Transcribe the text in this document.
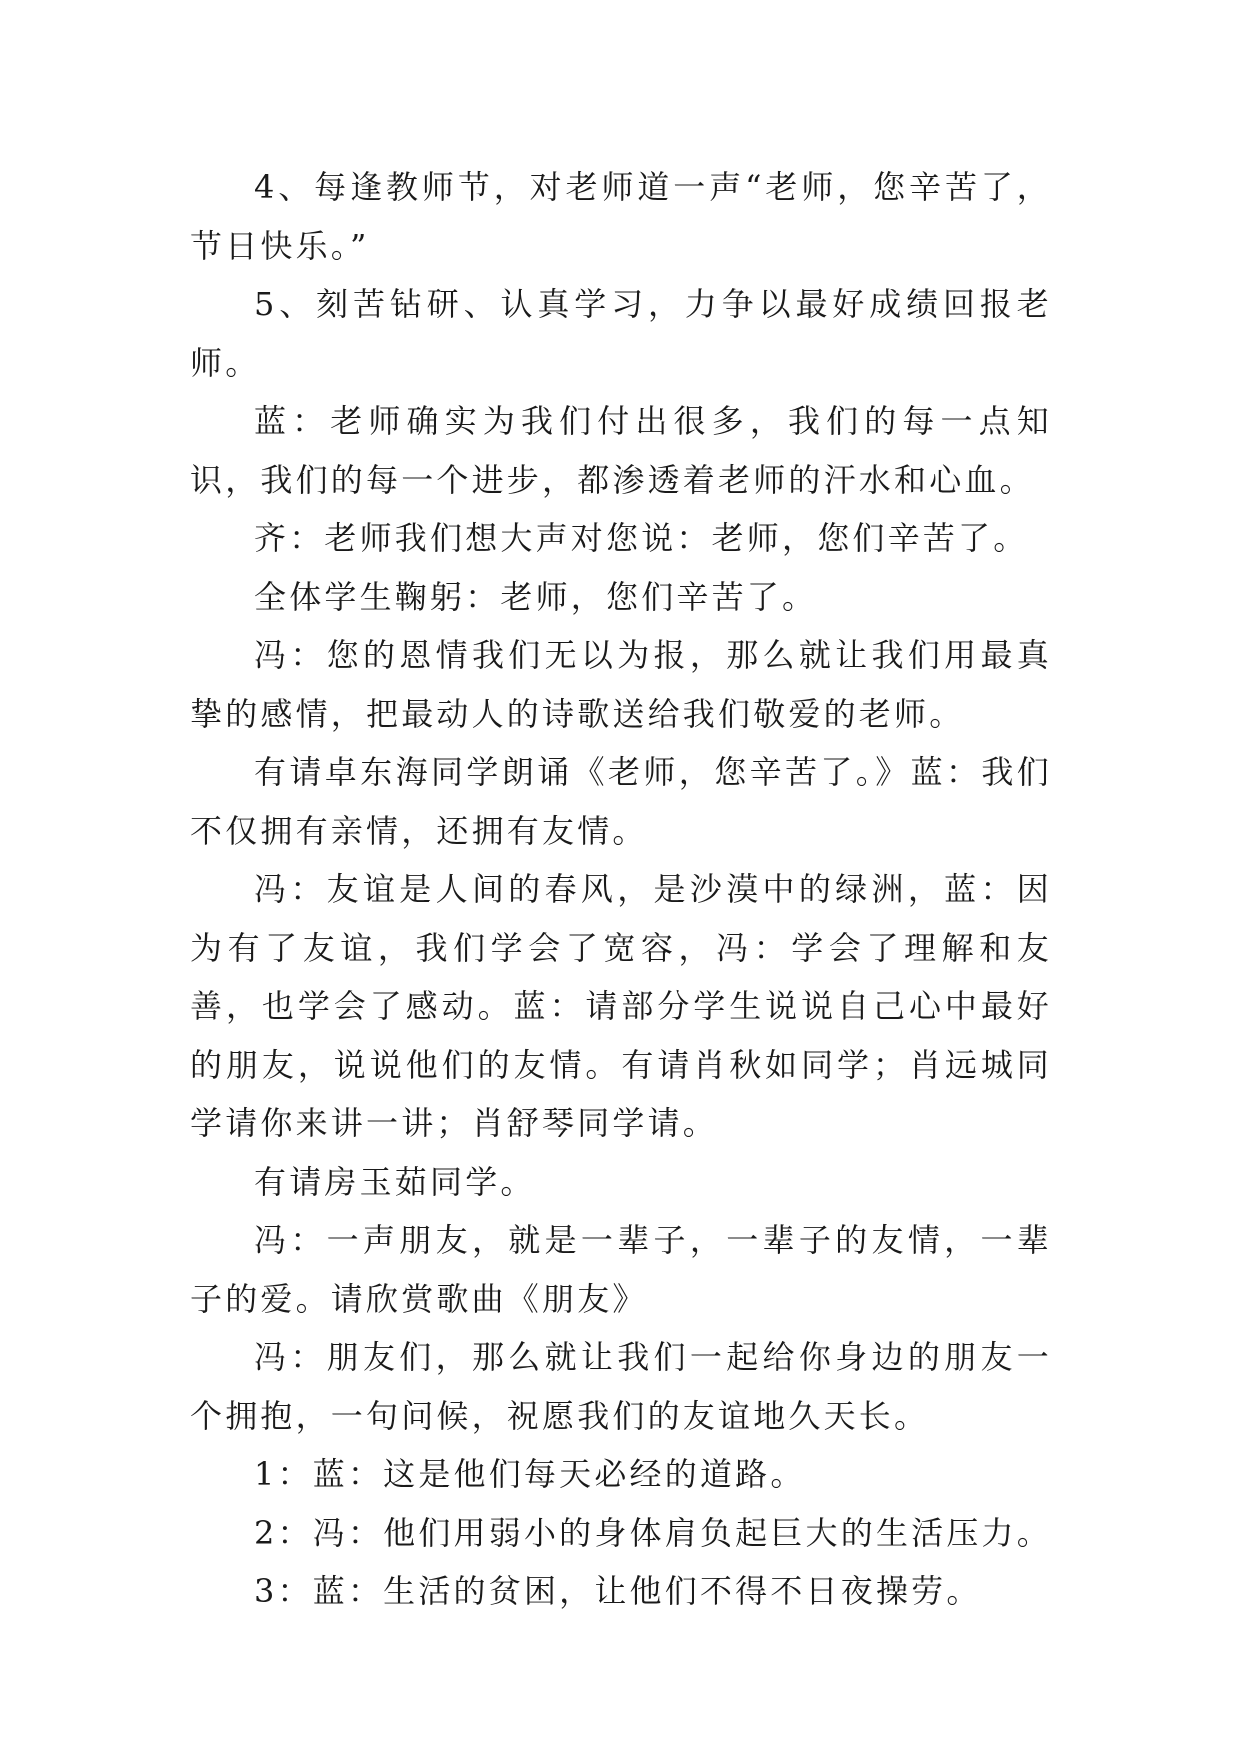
4、每逢教师节，对老师道一声“老师，您辛苦了，节日快乐。”

5、刻苦钻研、认真学习，力争以最好成绩回报老师。

蓝：老师确实为我们付出很多，我们的每一点知识，我们的每一个进步，都渗透着老师的汗水和心血。

齐：老师我们想大声对您说：老师，您们辛苦了。

全体学生鞠躬：老师，您们辛苦了。

冯：您的恩情我们无以为报，那么就让我们用最真挚的感情，把最动人的诗歌送给我们敬爱的老师。

有请卓东海同学朗诵《老师，您辛苦了。》蓝：我们不仅拥有亲情，还拥有友情。

冯：友谊是人间的春风，是沙漠中的绿洲，蓝：因为有了友谊，我们学会了宽容，冯：学会了理解和友善，也学会了感动。蓝：请部分学生说说自己心中最好的朋友，说说他们的友情。有请肖秋如同学；肖远城同学请你来讲一讲；肖舒琴同学请。

有请房玉茹同学。

冯：一声朋友，就是一辈子，一辈子的友情，一辈子的爱。请欣赏歌曲《朋友》

冯：朋友们，那么就让我们一起给你身边的朋友一个拥抱，一句问候，祝愿我们的友谊地久天长。

1：蓝：这是他们每天必经的道路。

2：冯：他们用弱小的身体肩负起巨大的生活压力。

3：蓝：生活的贫困，让他们不得不日夜操劳。
